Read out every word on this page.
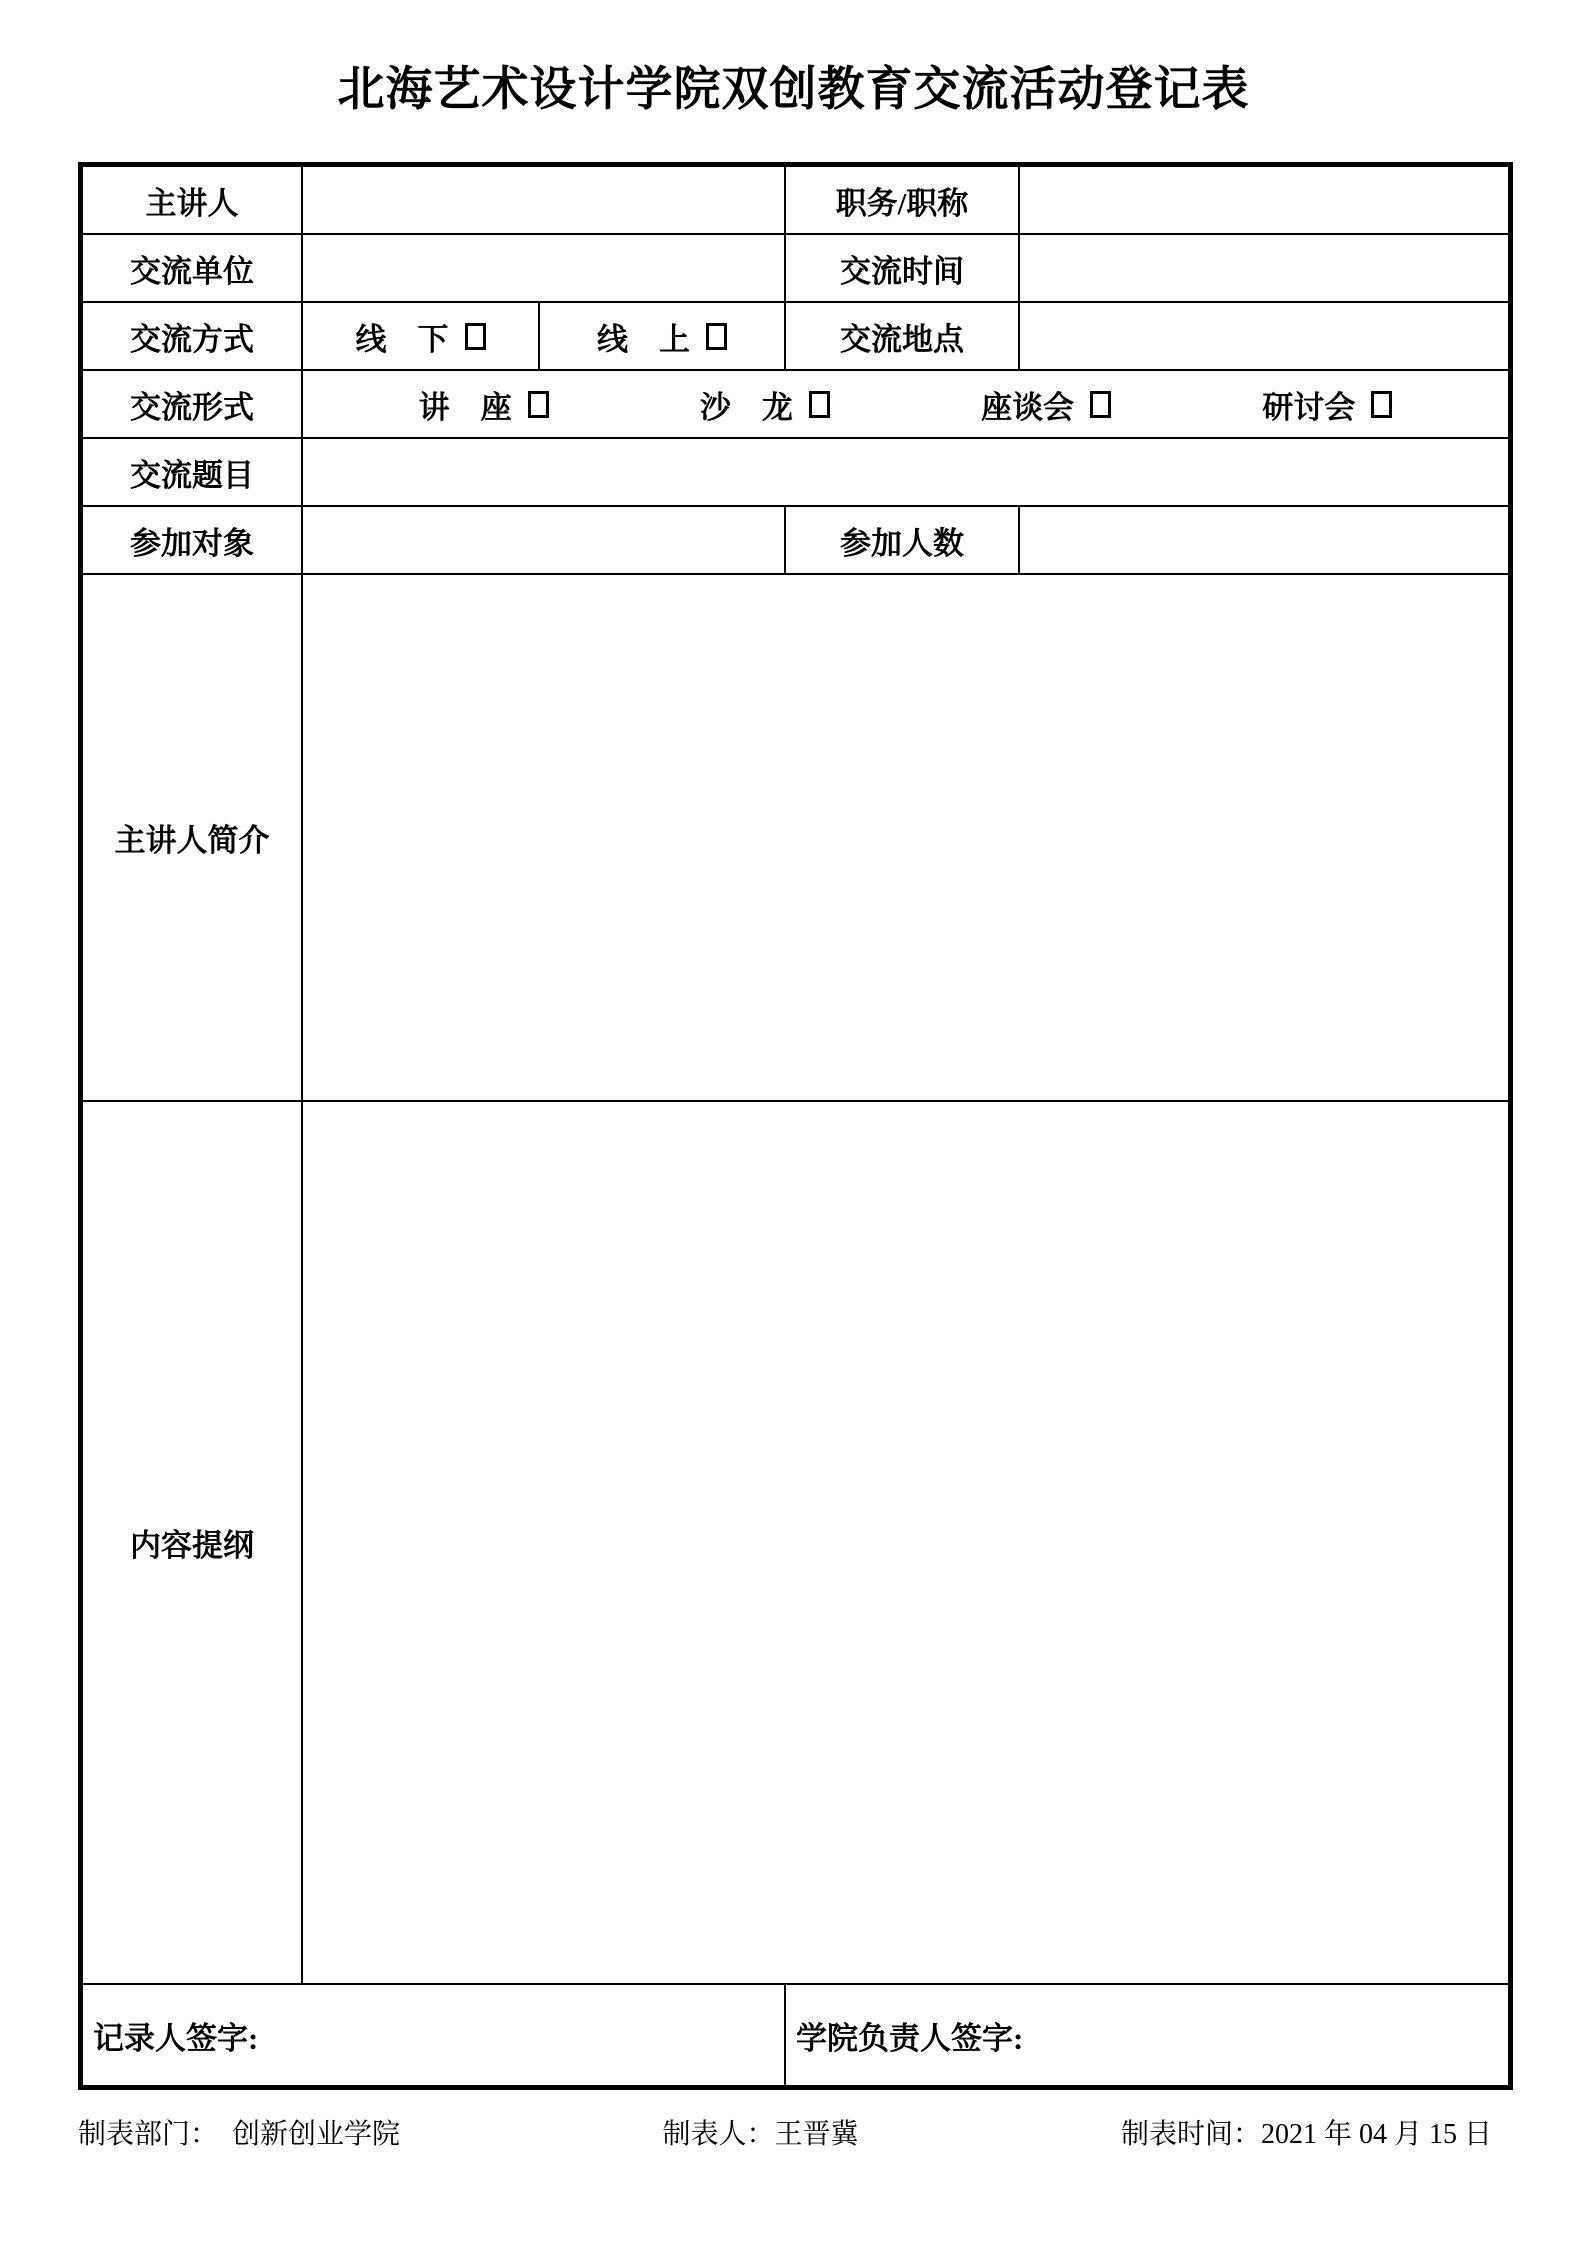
北海艺术设计学院双创教育交流活动登记表
主讲人	职务/职称
交流单位	交流时间
交流方式	线　下	线　上	交流地点
交流形式	讲　座	沙　龙	座谈会	研讨会
交流题目
参加对象	参加人数
主讲人简介
内容提纲
记录人签字:	学院负责人签字:
制表部门：　创新创业学院	制表人：王晋冀	制表时间：2021 年 04 月 15 日
